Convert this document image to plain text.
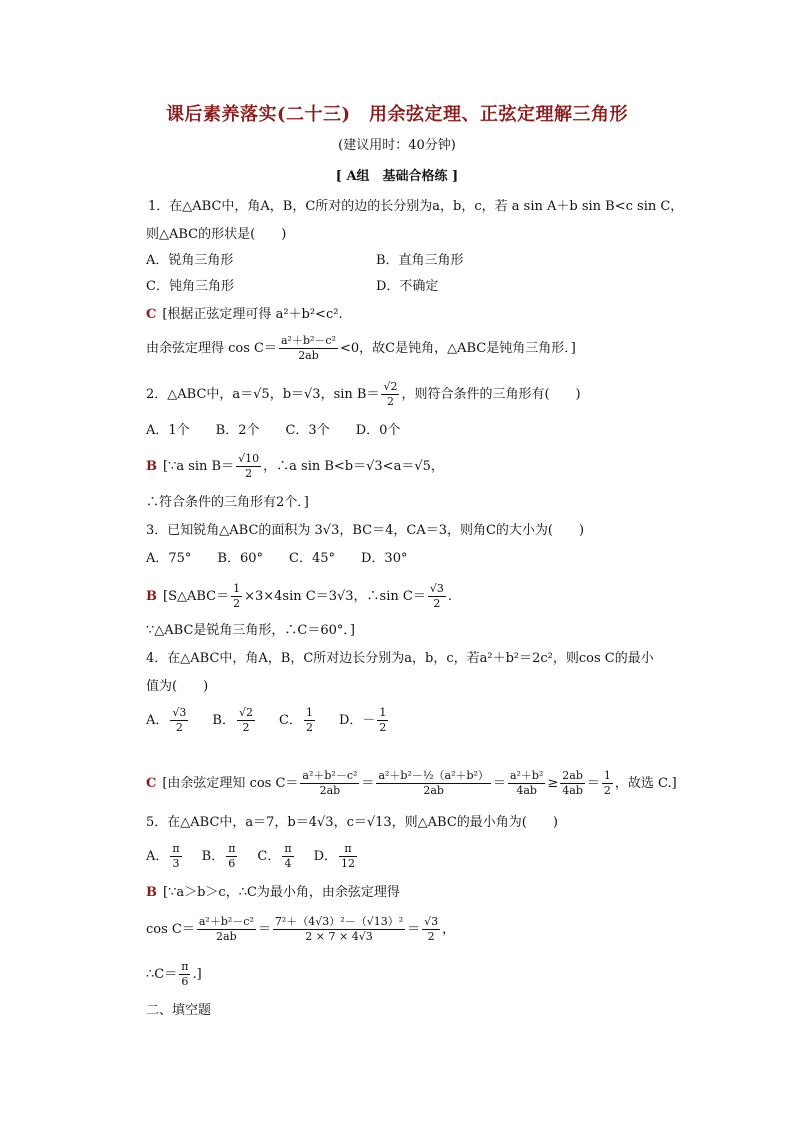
课后素养落实(二十三)　用余弦定理、正弦定理解三角形
(建议用时：40分钟)
[ A组　基础合格练 ]
1．在△ABC中，角A，B，C所对的边的长分别为a，b，c，若 a sin A＋b sin B<c sin C，
则△ABC的形状是(　　)
A．锐角三角形	B．直角三角形
C．钝角三角形	D．不确定
C [根据正弦定理可得 a²＋b²<c².
由余弦定理得 $\cos C= \frac{\text{a²＋b²－c²}}{2ab} <0$，故C是钝角，△ABC是钝角三角形．]
2．△ABC中，a＝√5，b＝√3，$\sin B= \frac{√2}{2}$ ，则符合条件的三角形有(　　)
A．1个　　B．2个　　C．3个　　D．0个
B [∵a $\sin B= \frac{√10}{2}$ ，∴a sin B<b＝√3<a＝√5，
∴符合条件的三角形有2个．]
3．已知锐角△ABC的面积为 3√3，BC＝4，CA＝3，则角C的大小为(　　)
A．75°　　B．60°　　C．45°　　D．30°
B [S△ABC＝ $\frac{1}{2} \times 3\times 4\sin$ C＝3√3，∴sin $C= \frac{√3}{2}$ .
∵△ABC是锐角三角形，∴C＝60°．]
4．在△ABC中，角A，B，C所对边长分别为a，b，c，若a²＋b²＝2c²，则cos C的最小
值为(　　)
A． $\frac{√3}{2}$ B． $\frac{√2}{2}$ C． $\frac{1}{2}$ D．－ $\frac{1}{2}$
C [由余弦定理知 $\cos C= \frac{\text{a²＋b²－c²}}{2ab} = \frac{\text{a²＋b²－½（a²＋b²）}}{2ab} = \frac{\text{a²＋b²}}{4ab} \ge \frac{2ab}{4ab} = \frac{1}{2}$ ，故选 C.]
5．在△ABC中，a＝7，b＝4√3，c＝√13，则△ABC的最小角为(　　)
A． $\frac{\pi}{3}$ B． $\frac{\pi}{6}$ C． $\frac{\pi}{4}$ D． $\frac{\pi}{12}$
B [∵a＞b＞c，∴C为最小角，由余弦定理得
$\cos C= \frac{\text{a²＋b²－c²}}{2ab} = \frac{\text{7²＋（4√3）²－（√13）²}}{2 \times 7 \times 4√3} = \frac{√3}{2}$ ，
∴C＝ $\frac{\pi}{6}$ .]
二、填空题
